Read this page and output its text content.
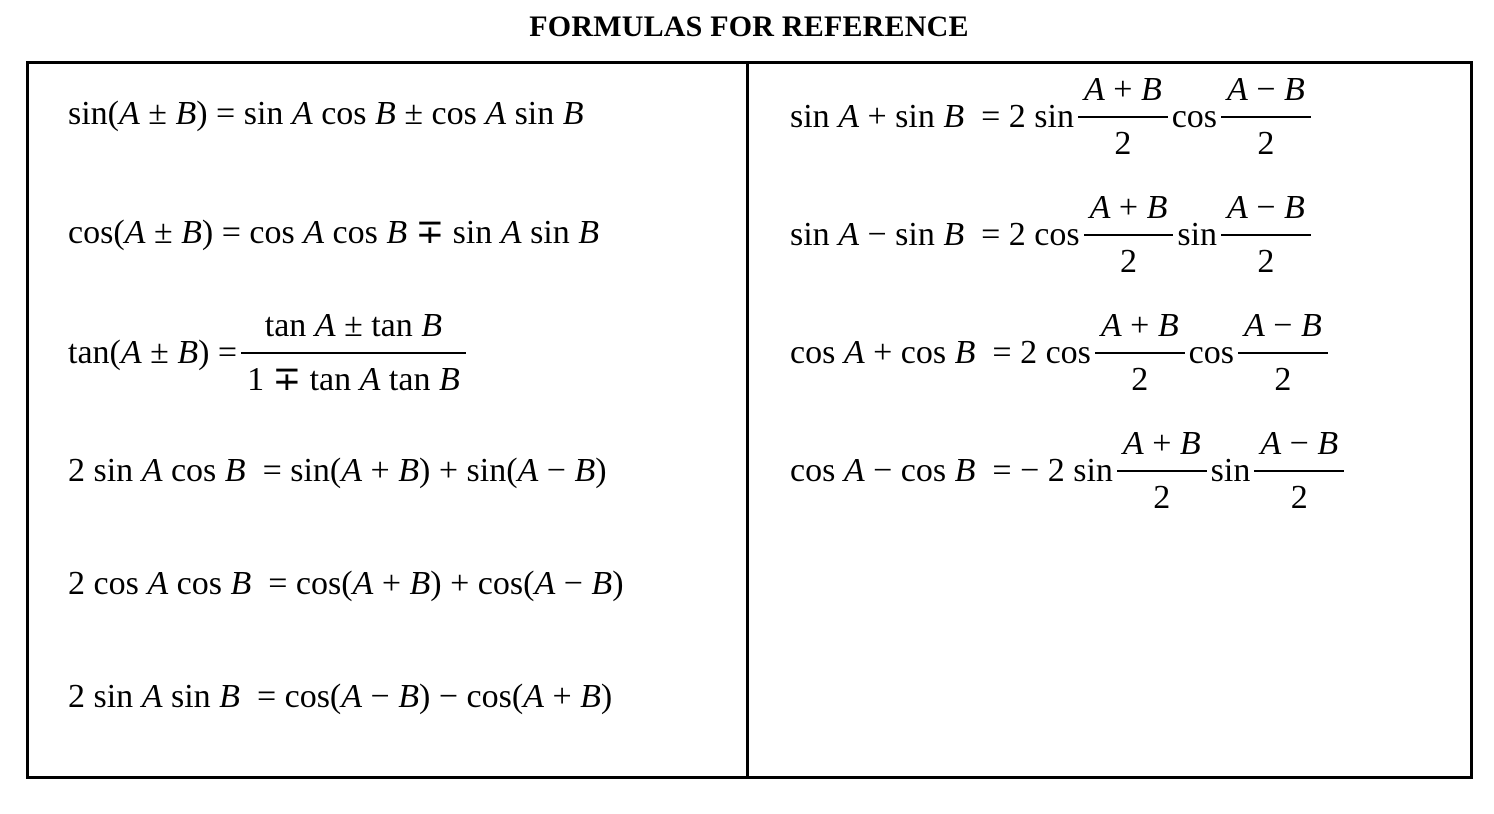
FORMULAS FOR REFERENCE
sin(A ± B) = sin A cos B ± cos A sin B
cos(A ± B) = cos A cos B ∓ sin A sin B
$\tan(A \pm B) = \frac{\text{tan A ± tan B}}{\text{1 ∓ tan A tan B}}$
2 sin A cos B  = sin(A + B) + sin(A − B)
2 cos A cos B  = cos(A + B) + cos(A − B)
2 sin A sin B  = cos(A − B) − cos(A + B)
sin A + sin B  = 2 $\sin \frac{A + B}{2}$ $\cos \frac{A - B}{2}$
sin A − sin B  = 2 $\cos \frac{A + B}{2}$ $\sin \frac{A - B}{2}$
cos A + cos B  = 2 $\cos \frac{A + B}{2}$ $\cos \frac{A - B}{2}$
cos A − cos B  = − 2 $\sin \frac{A + B}{2}$ $\sin \frac{A - B}{2}$
